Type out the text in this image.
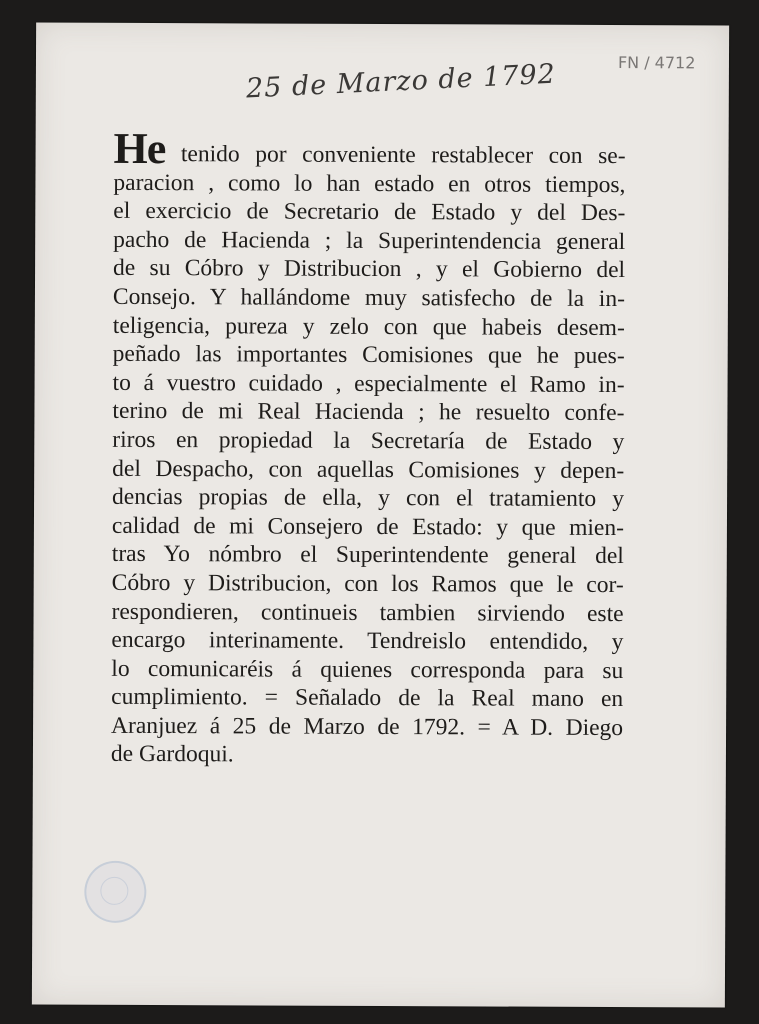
25 de Marzo de 1792	FN / 4712
He tenido por conveniente restablecer con se-
paracion , como lo han estado en otros tiempos,
el exercicio de Secretario de Estado y del Des-
pacho de Hacienda ; la Superintendencia general
de su Cóbro y Distribucion , y el Gobierno del
Consejo. Y hallándome muy satisfecho de la in-
teligencia, pureza y zelo con que habeis desem-
peñado las importantes Comisiones que he pues-
to á vuestro cuidado , especialmente el Ramo in-
terino de mi Real Hacienda ; he resuelto confe-
riros en propiedad la Secretaría de Estado y
del Despacho, con aquellas Comisiones y depen-
dencias propias de ella, y con el tratamiento y
calidad de mi Consejero de Estado: y que mien-
tras Yo nómbro el Superintendente general del
Cóbro y Distribucion, con los Ramos que le cor-
respondieren, continueis tambien sirviendo este
encargo interinamente. Tendreislo entendido, y
lo comunicaréis á quienes corresponda para su
cumplimiento. = Señalado de la Real mano en
Aranjuez á 25 de Marzo de 1792. = A D. Diego
de Gardoqui.
